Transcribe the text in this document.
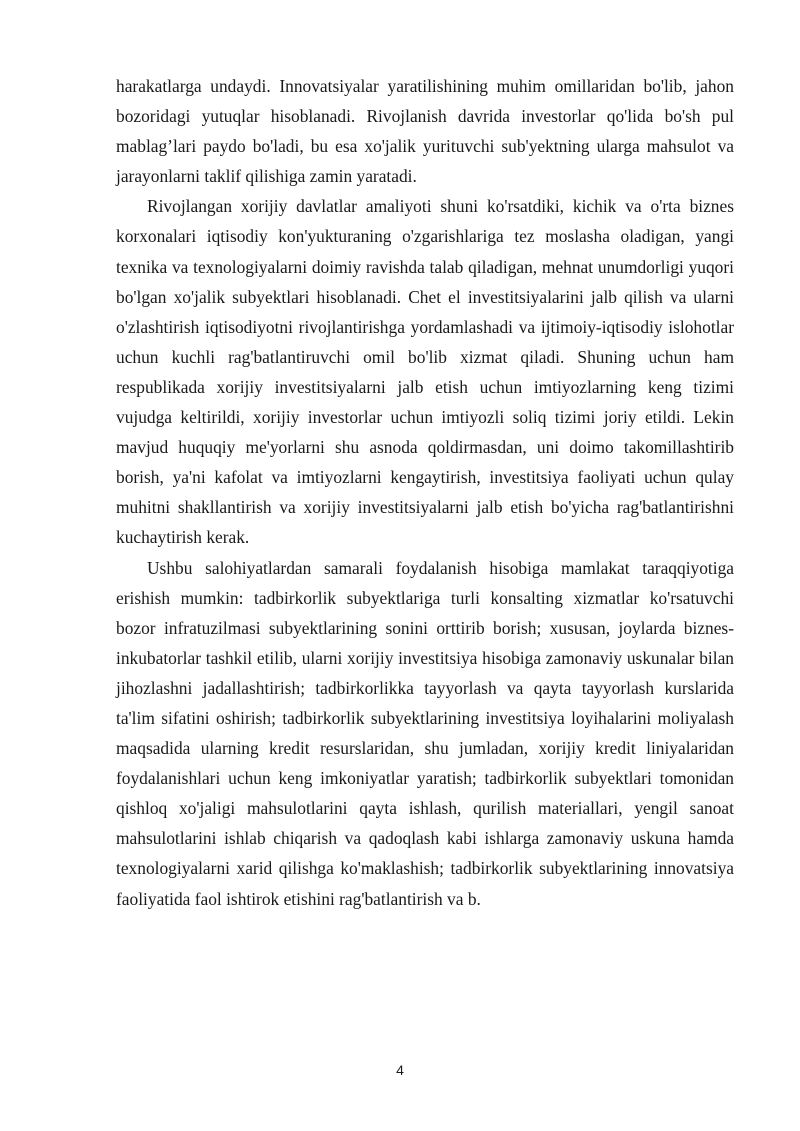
harakatlarga undaydi. Innovatsiyalar yaratilishining muhim omillaridan bo'lib, jahon bozoridagi yutuqlar hisoblanadi. Rivojlanish davrida investorlar qo'lida bo'sh pul mablag’lari paydo bo'ladi, bu esa xo'jalik yurituvchi sub'yektning ularga mahsulot va jarayonlarni taklif qilishiga zamin yaratadi.

Rivojlangan xorijiy davlatlar amaliyoti shuni ko'rsatdiki, kichik va o'rta biznes korxonalari iqtisodiy kon'yukturaning o'zgarishlariga tez moslasha oladigan, yangi texnika va texnologiyalarni doimiy ravishda talab qiladigan, mehnat unumdorligi yuqori bo'lgan xo'jalik subyektlari hisoblanadi. Chet el investitsiyalarini jalb qilish va ularni o'zlashtirish iqtisodiyotni rivojlantirishga yordamlashadi va ijtimoiy-iqtisodiy islohotlar uchun kuchli rag'batlantiruvchi omil bo'lib xizmat qiladi. Shuning uchun ham respublikada xorijiy investitsiyalarni jalb etish uchun imtiyozlarning keng tizimi vujudga keltirildi, xorijiy investorlar uchun imtiyozli soliq tizimi joriy etildi. Lekin mavjud huquqiy me'yorlarni shu asnoda qoldirmasdan, uni doimo takomillashtirib borish, ya'ni kafolat va imtiyozlarni kengaytirish, investitsiya faoliyati uchun qulay muhitni shakllantirish va xorijiy investitsiyalarni jalb etish bo'yicha rag'batlantirishni kuchaytirish kerak.

Ushbu salohiyatlardan samarali foydalanish hisobiga mamlakat taraqqiyotiga erishish mumkin: tadbirkorlik subyektlariga turli konsalting xizmatlar ko'rsatuvchi bozor infratuzilmasi subyektlarining sonini orttirib borish; xususan, joylarda biznes-inkubatorlar tashkil etilib, ularni xorijiy investitsiya hisobiga zamonaviy uskunalar bilan jihozlashni jadallashtirish; tadbirkorlikka tayyorlash va qayta tayyorlash kurslarida ta'lim sifatini oshirish; tadbirkorlik subyektlarining investitsiya loyihalarini moliyalash maqsadida ularning kredit resurslaridan, shu jumladan, xorijiy kredit liniyalaridan foydalanishlari uchun keng imkoniyatlar yaratish; tadbirkorlik subyektlari tomonidan qishloq xo'jaligi mahsulotlarini qayta ishlash, qurilish materiallari, yengil sanoat mahsulotlarini ishlab chiqarish va qadoqlash kabi ishlarga zamonaviy uskuna hamda texnologiyalarni xarid qilishga ko'maklashish; tadbirkorlik subyektlarining innovatsiya faoliyatida faol ishtirok etishini rag'batlantirish va b.

4
